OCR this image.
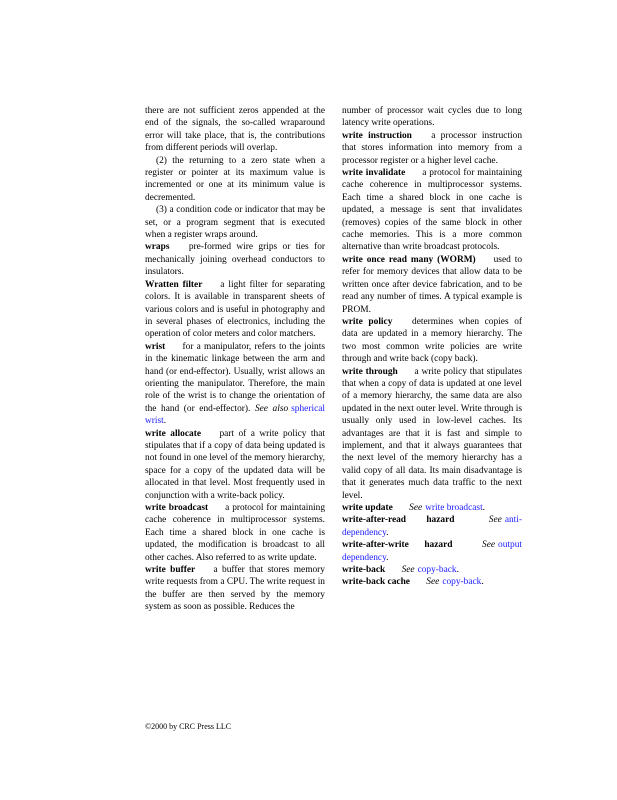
there are not sufficient zeros appended at the end of the signals, the so-called wraparound error will take place, that is, the contributions from different periods will overlap.

(2) the returning to a zero state when a register or pointer at its maximum value is incremented or one at its minimum value is decremented.

(3) a condition code or indicator that may be set, or a program segment that is executed when a register wraps around.

wraps pre-formed wire grips or ties for mechanically joining overhead conductors to insulators.

Wratten filter a light filter for separating colors. It is available in transparent sheets of various colors and is useful in photography and in several phases of electronics, including the operation of color meters and color matchers.

wrist for a manipulator, refers to the joints in the kinematic linkage between the arm and hand (or end-effector). Usually, wrist allows an orienting the manipulator. Therefore, the main role of the wrist is to change the orientation of the hand (or end-effector). See also spherical wrist.

write allocate part of a write policy that stipulates that if a copy of data being updated is not found in one level of the memory hierarchy, space for a copy of the updated data will be allocated in that level. Most frequently used in conjunction with a write-back policy.

write broadcast a protocol for maintaining cache coherence in multiprocessor systems. Each time a shared block in one cache is updated, the modification is broadcast to all other caches. Also referred to as write update.

write buffer a buffer that stores memory write requests from a CPU. The write request in the buffer are then served by the memory system as soon as possible. Reduces the

number of processor wait cycles due to long latency write operations.

write instruction a processor instruction that stores information into memory from a processor register or a higher level cache.

write invalidate a protocol for maintaining cache coherence in multiprocessor systems. Each time a shared block in one cache is updated, a message is sent that invalidates (removes) copies of the same block in other cache memories. This is a more common alternative than write broadcast protocols.

write once read many (WORM) used to refer for memory devices that allow data to be written once after device fabrication, and to be read any number of times. A typical example is PROM.

write policy determines when copies of data are updated in a memory hierarchy. The two most common write policies are write through and write back (copy back).

write through a write policy that stipulates that when a copy of data is updated at one level of a memory hierarchy, the same data are also updated in the next outer level. Write through is usually only used in low-level caches. Its advantages are that it is fast and simple to implement, and that it always guarantees that the next level of the memory hierarchy has a valid copy of all data. Its main disadvantage is that it generates much data traffic to the next level.

write update See write broadcast.

write-after-read hazard	See anti-dependency.

write-after-write hazard	See output dependency.

write-back See copy-back.

write-back cache See copy-back.

©2000 by CRC Press LLC
